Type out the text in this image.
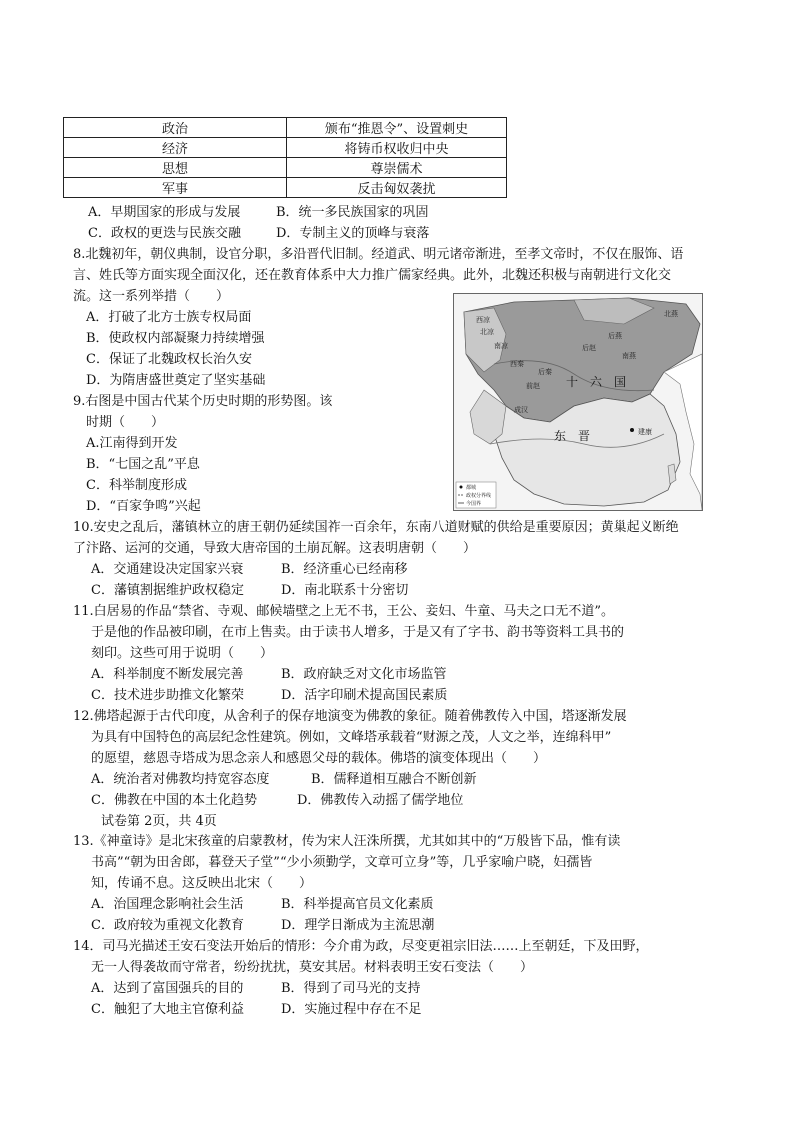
政治	颁布“推恩令”、设置刺史
经济	将铸币权收归中央
思想	尊崇儒术
军事	反击匈奴袭扰
A．早期国家的形成与发展	B．统一多民族国家的巩固
C．政权的更迭与民族交融	D．专制主义的顶峰与衰落
8.北魏初年，朝仪典制，设官分职，多沿晋代旧制。经道武、明元诸帝渐进，至孝文帝时，不仅在服饰、语
言、姓氏等方面实现全面汉化，还在教育体系中大力推广儒家经典。此外，北魏还积极与南朝进行文化交
流。这一系列举措（　　）
A．打破了北方士族专权局面
B．使政权内部凝聚力持续增强
C．保证了北魏政权长治久安
D．为隋唐盛世奠定了坚实基础
9.右图是中国古代某个历史时期的形势图。该
时期（　　）
A.江南得到开发
B．“七国之乱”平息
C．科举制度形成
D．“百家争鸣”兴起
西凉
北凉
南凉
北燕
后燕
西秦
后秦
后赵
南燕
前赵
成汉
十　六　国
建康
东　晋
都城
政权分界线
今国界
10.安史之乱后，藩镇林立的唐王朝仍延续国祚一百余年，东南八道财赋的供给是重要原因；黄巢起义断绝
了汴路、运河的交通，导致大唐帝国的土崩瓦解。这表明唐朝（　　）
A．交通建设决定国家兴衰	B．经济重心已经南移
C．藩镇割据维护政权稳定	D．南北联系十分密切
11.白居易的作品“禁省、寺观、邮候墙壁之上无不书，王公、妾妇、牛童、马夫之口无不道”。
于是他的作品被印刷，在市上售卖。由于读书人增多，于是又有了字书、韵书等资料工具书的
刻印。这些可用于说明（　　）
A．科举制度不断发展完善	B．政府缺乏对文化市场监管
C．技术进步助推文化繁荣	D．活字印刷术提高国民素质
12.佛塔起源于古代印度，从舍利子的保存地演变为佛教的象征。随着佛教传入中国，塔逐渐发展
为具有中国特色的高层纪念性建筑。例如，文峰塔承载着“财源之茂，人文之举，连绵科甲”
的愿望，慈恩寺塔成为思念亲人和感恩父母的载体。佛塔的演变体现出（　　）
A．统治者对佛教均持宽容态度	B．儒释道相互融合不断创新
C．佛教在中国的本土化趋势	D．佛教传入动摇了儒学地位
试卷第 2页，共 4页
13.《神童诗》是北宋孩童的启蒙教材，传为宋人汪洙所撰，尤其如其中的“万般皆下品，惟有读
书高”“朝为田舍郎，暮登天子堂”“少小须勤学，文章可立身”等，几乎家喻户晓，妇孺皆
知，传诵不息。这反映出北宋（　　）
A．治国理念影响社会生活	B．科举提高官员文化素质
C．政府较为重视文化教育	D．理学日渐成为主流思潮
14．司马光描述王安石变法开始后的情形：今介甫为政，尽变更祖宗旧法……上至朝廷，下及田野，
无一人得袭故而守常者，纷纷扰扰，莫安其居。材料表明王安石变法（　　）
A．达到了富国强兵的目的	B．得到了司马光的支持
C．触犯了大地主官僚利益	D．实施过程中存在不足
